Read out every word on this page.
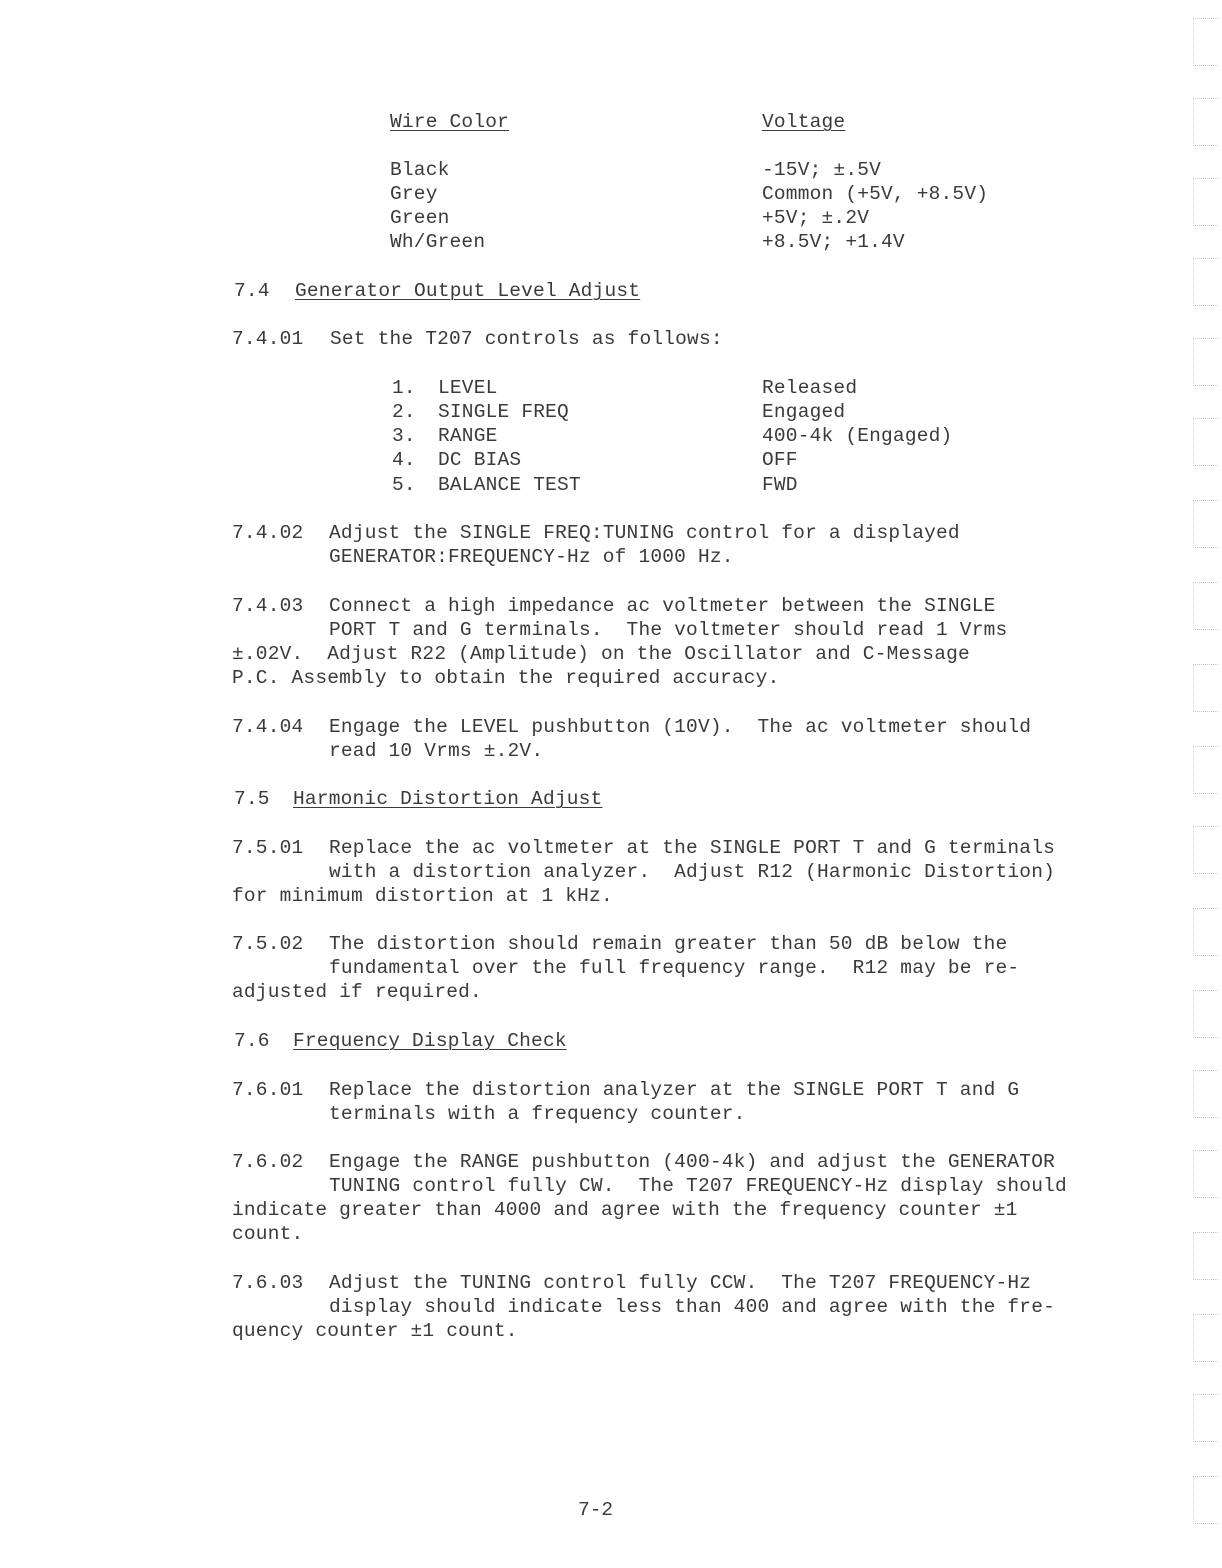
Wire Color	Voltage
Black	-15V; ±.5V
Grey	Common (+5V, +8.5V)
Green	+5V; ±.2V
Wh/Green	+8.5V; +1.4V
7.4 Generator Output Level Adjust
7.4.01 Set the T207 controls as follows:
1. LEVEL	Released
2. SINGLE FREQ	Engaged
3. RANGE	400-4k (Engaged)
4. DC BIAS	OFF
5. BALANCE TEST	FWD
7.4.02	Adjust the SINGLE FREQ:TUNING control for a displayed
GENERATOR:FREQUENCY-Hz of 1000 Hz.
7.4.03	Connect a high impedance ac voltmeter between the SINGLE
PORT T and G terminals.  The voltmeter should read 1 Vrms
±.02V.  Adjust R22 (Amplitude) on the Oscillator and C-Message
P.C. Assembly to obtain the required accuracy.
7.4.04	Engage the LEVEL pushbutton (10V).  The ac voltmeter should
read 10 Vrms ±.2V.
7.5 Harmonic Distortion Adjust
7.5.01	Replace the ac voltmeter at the SINGLE PORT T and G terminals
with a distortion analyzer.  Adjust R12 (Harmonic Distortion)
for minimum distortion at 1 kHz.
7.5.02	The distortion should remain greater than 50 dB below the
fundamental over the full frequency range.  R12 may be re-
adjusted if required.
7.6 Frequency Display Check
7.6.01	Replace the distortion analyzer at the SINGLE PORT T and G
terminals with a frequency counter.
7.6.02	Engage the RANGE pushbutton (400-4k) and adjust the GENERATOR
TUNING control fully CW.  The T207 FREQUENCY-Hz display should
indicate greater than 4000 and agree with the frequency counter ±1
count.
7.6.03	Adjust the TUNING control fully CCW.  The T207 FREQUENCY-Hz
display should indicate less than 400 and agree with the fre-
quency counter ±1 count.
7-2
